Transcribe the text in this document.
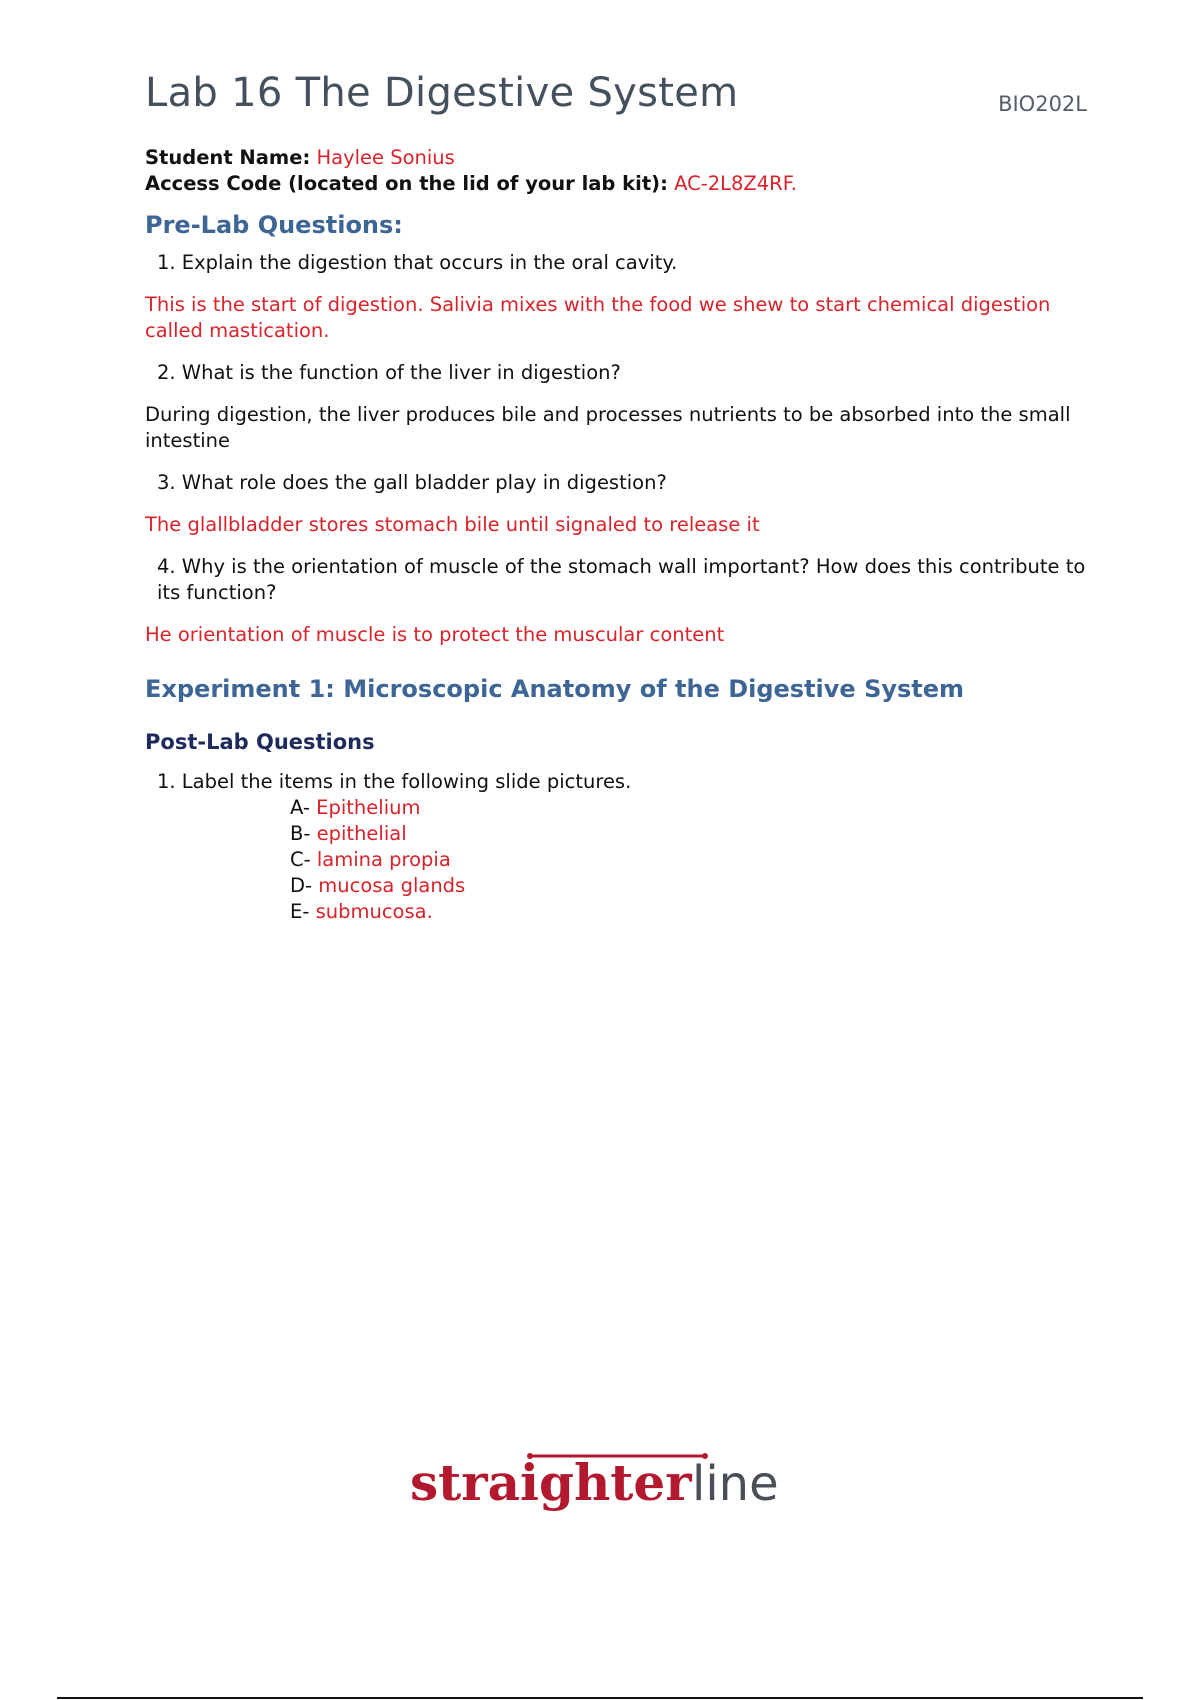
Lab 16 The Digestive System	BIO202L

Student Name: Haylee Sonius

Access Code (located on the lid of your lab kit): AC-2L8Z4RF.

Pre-Lab Questions:

1. Explain the digestion that occurs in the oral cavity.

This is the start of digestion. Salivia mixes with the food we shew to start chemical digestion called mastication.

2. What is the function of the liver in digestion?

During digestion, the liver produces bile and processes nutrients to be absorbed into the small intestine

3. What role does the gall bladder play in digestion?

The glallbladder stores stomach bile until signaled to release it

4. Why is the orientation of muscle of the stomach wall important? How does this contribute to its function?

He orientation of muscle is to protect the muscular content

Experiment 1: Microscopic Anatomy of the Digestive System
Post-Lab Questions

1. Label the items in the following slide pictures.

A- Epithelium
B- epithelial
C- lamina propia
D- mucosa glands
E- submucosa.
straighter line
